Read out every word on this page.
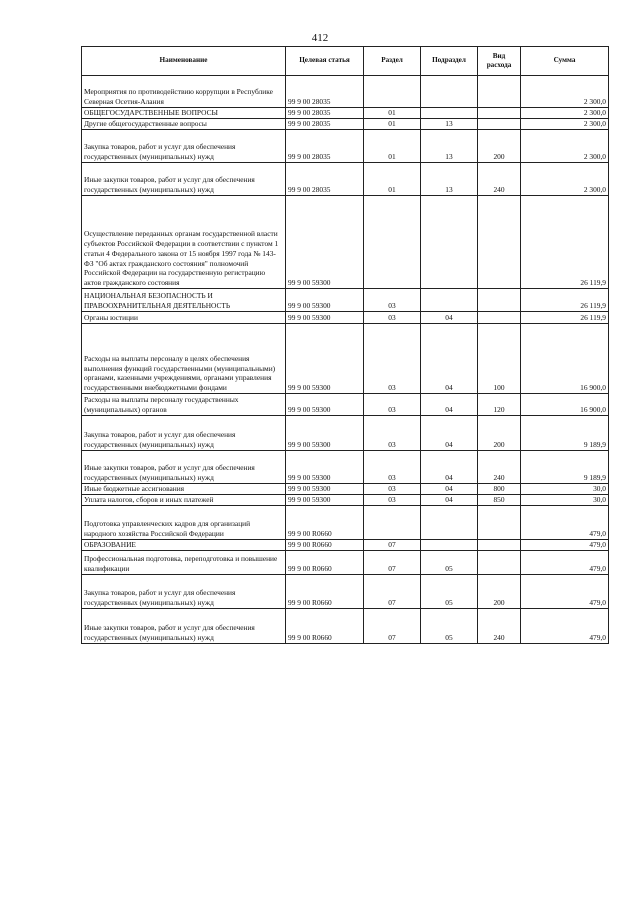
412
Наименование	Целевая статья	Раздел	Подраздел	Вид расхода	Сумма
Мероприятия по противодействию коррупции в Республике Северная Осетия-Алания	99 9 00 28035				2 300,0
ОБЩЕГОСУДАРСТВЕННЫЕ ВОПРОСЫ	99 9 00 28035	01			2 300,0
Другие общегосударственные вопросы	99 9 00 28035	01	13		2 300,0
Закупка товаров, работ и услуг для обеспечения государственных (муниципальных) нужд	99 9 00 28035	01	13	200	2 300,0
Иные закупки товаров, работ и услуг для обеспечения государственных (муниципальных) нужд	99 9 00 28035	01	13	240	2 300,0
Осуществление переданных органам государственной власти субъектов Российской Федерации в соответствии с пунктом 1 статьи 4 Федерального закона от 15 ноября 1997 года № 143-ФЗ "Об актах гражданского состояния" полномочий Российской Федерации на государственную регистрацию актов гражданского состояния	99 9 00 59300				26 119,9
НАЦИОНАЛЬНАЯ БЕЗОПАСНОСТЬ И ПРАВООХРАНИТЕЛЬНАЯ ДЕЯТЕЛЬНОСТЬ	99 9 00 59300	03			26 119,9
Органы юстиции	99 9 00 59300	03	04		26 119,9
Расходы на выплаты персоналу в целях обеспечения выполнения функций государственными (муниципальными) органами, казенными учреждениями, органами управления государственными внебюджетными фондами	99 9 00 59300	03	04	100	16 900,0
Расходы на выплаты персоналу государственных (муниципальных) органов	99 9 00 59300	03	04	120	16 900,0
Закупка товаров, работ и услуг для обеспечения государственных (муниципальных) нужд	99 9 00 59300	03	04	200	9 189,9
Иные закупки товаров, работ и услуг для обеспечения государственных (муниципальных) нужд	99 9 00 59300	03	04	240	9 189,9
Иные бюджетные ассигнования	99 9 00 59300	03	04	800	30,0
Уплата налогов, сборов и иных платежей	99 9 00 59300	03	04	850	30,0
Подготовка управленческих кадров для организаций народного хозяйства Российской Федерации	99 9 00 R0660				479,0
ОБРАЗОВАНИЕ	99 9 00 R0660	07			479,0
Профессиональная подготовка, переподготовка и повышение квалификации	99 9 00 R0660	07	05		479,0
Закупка товаров, работ и услуг для обеспечения государственных (муниципальных) нужд	99 9 00 R0660	07	05	200	479,0
Иные закупки товаров, работ и услуг для обеспечения государственных (муниципальных) нужд	99 9 00 R0660	07	05	240	479,0
